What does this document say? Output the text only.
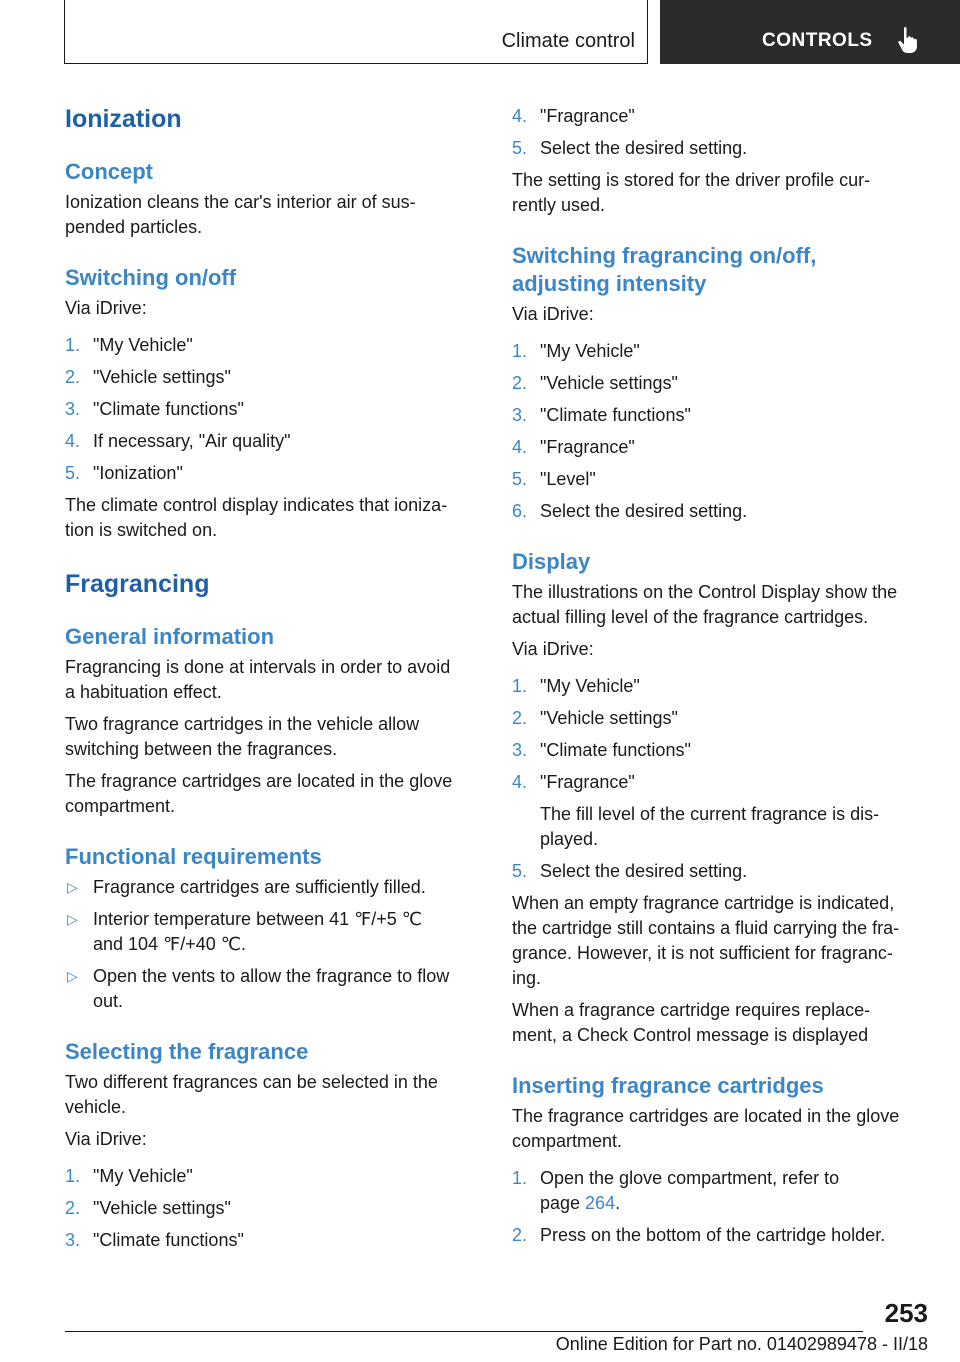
Climate control	CONTROLS
Ionization
Concept

Ionization cleans the car's interior air of sus-
pended particles.

Switching on/off

Via iDrive:

1. "My Vehicle"
2. "Vehicle settings"
3. "Climate functions"
4. If necessary, "Air quality"
5. "Ionization"

The climate control display indicates that ioniza-
tion is switched on.

Fragrancing
General information

Fragrancing is done at intervals in order to avoid
a habituation effect.

Two fragrance cartridges in the vehicle allow
switching between the fragrances.

The fragrance cartridges are located in the glove
compartment.

Functional requirements
▷ Fragrance cartridges are sufficiently filled.
▷ Interior temperature between 41 ℉/+5 ℃
and 104 ℉/+40 ℃.
▷ Open the vents to allow the fragrance to flow
out.
Selecting the fragrance

Two different fragrances can be selected in the
vehicle.

Via iDrive:

1. "My Vehicle"
2. "Vehicle settings"
3. "Climate functions"
4. "Fragrance"
5. Select the desired setting.

The setting is stored for the driver profile cur-
rently used.

Switching fragrancing on/off,
adjusting intensity

Via iDrive:

1. "My Vehicle"
2. "Vehicle settings"
3. "Climate functions"
4. "Fragrance"
5. "Level"
6. Select the desired setting.
Display

The illustrations on the Control Display show the
actual filling level of the fragrance cartridges.

Via iDrive:

1. "My Vehicle"
2. "Vehicle settings"
3. "Climate functions"
4. "Fragrance"
The fill level of the current fragrance is dis-
played.
5. Select the desired setting.

When an empty fragrance cartridge is indicated,
the cartridge still contains a fluid carrying the fra-
grance. However, it is not sufficient for fragranc-
ing.

When a fragrance cartridge requires replace-
ment, a Check Control message is displayed

Inserting fragrance cartridges

The fragrance cartridges are located in the glove
compartment.

1. Open the glove compartment, refer to
page 264.
2. Press on the bottom of the cartridge holder.
253
Online Edition for Part no. 01402989478 - II/18
